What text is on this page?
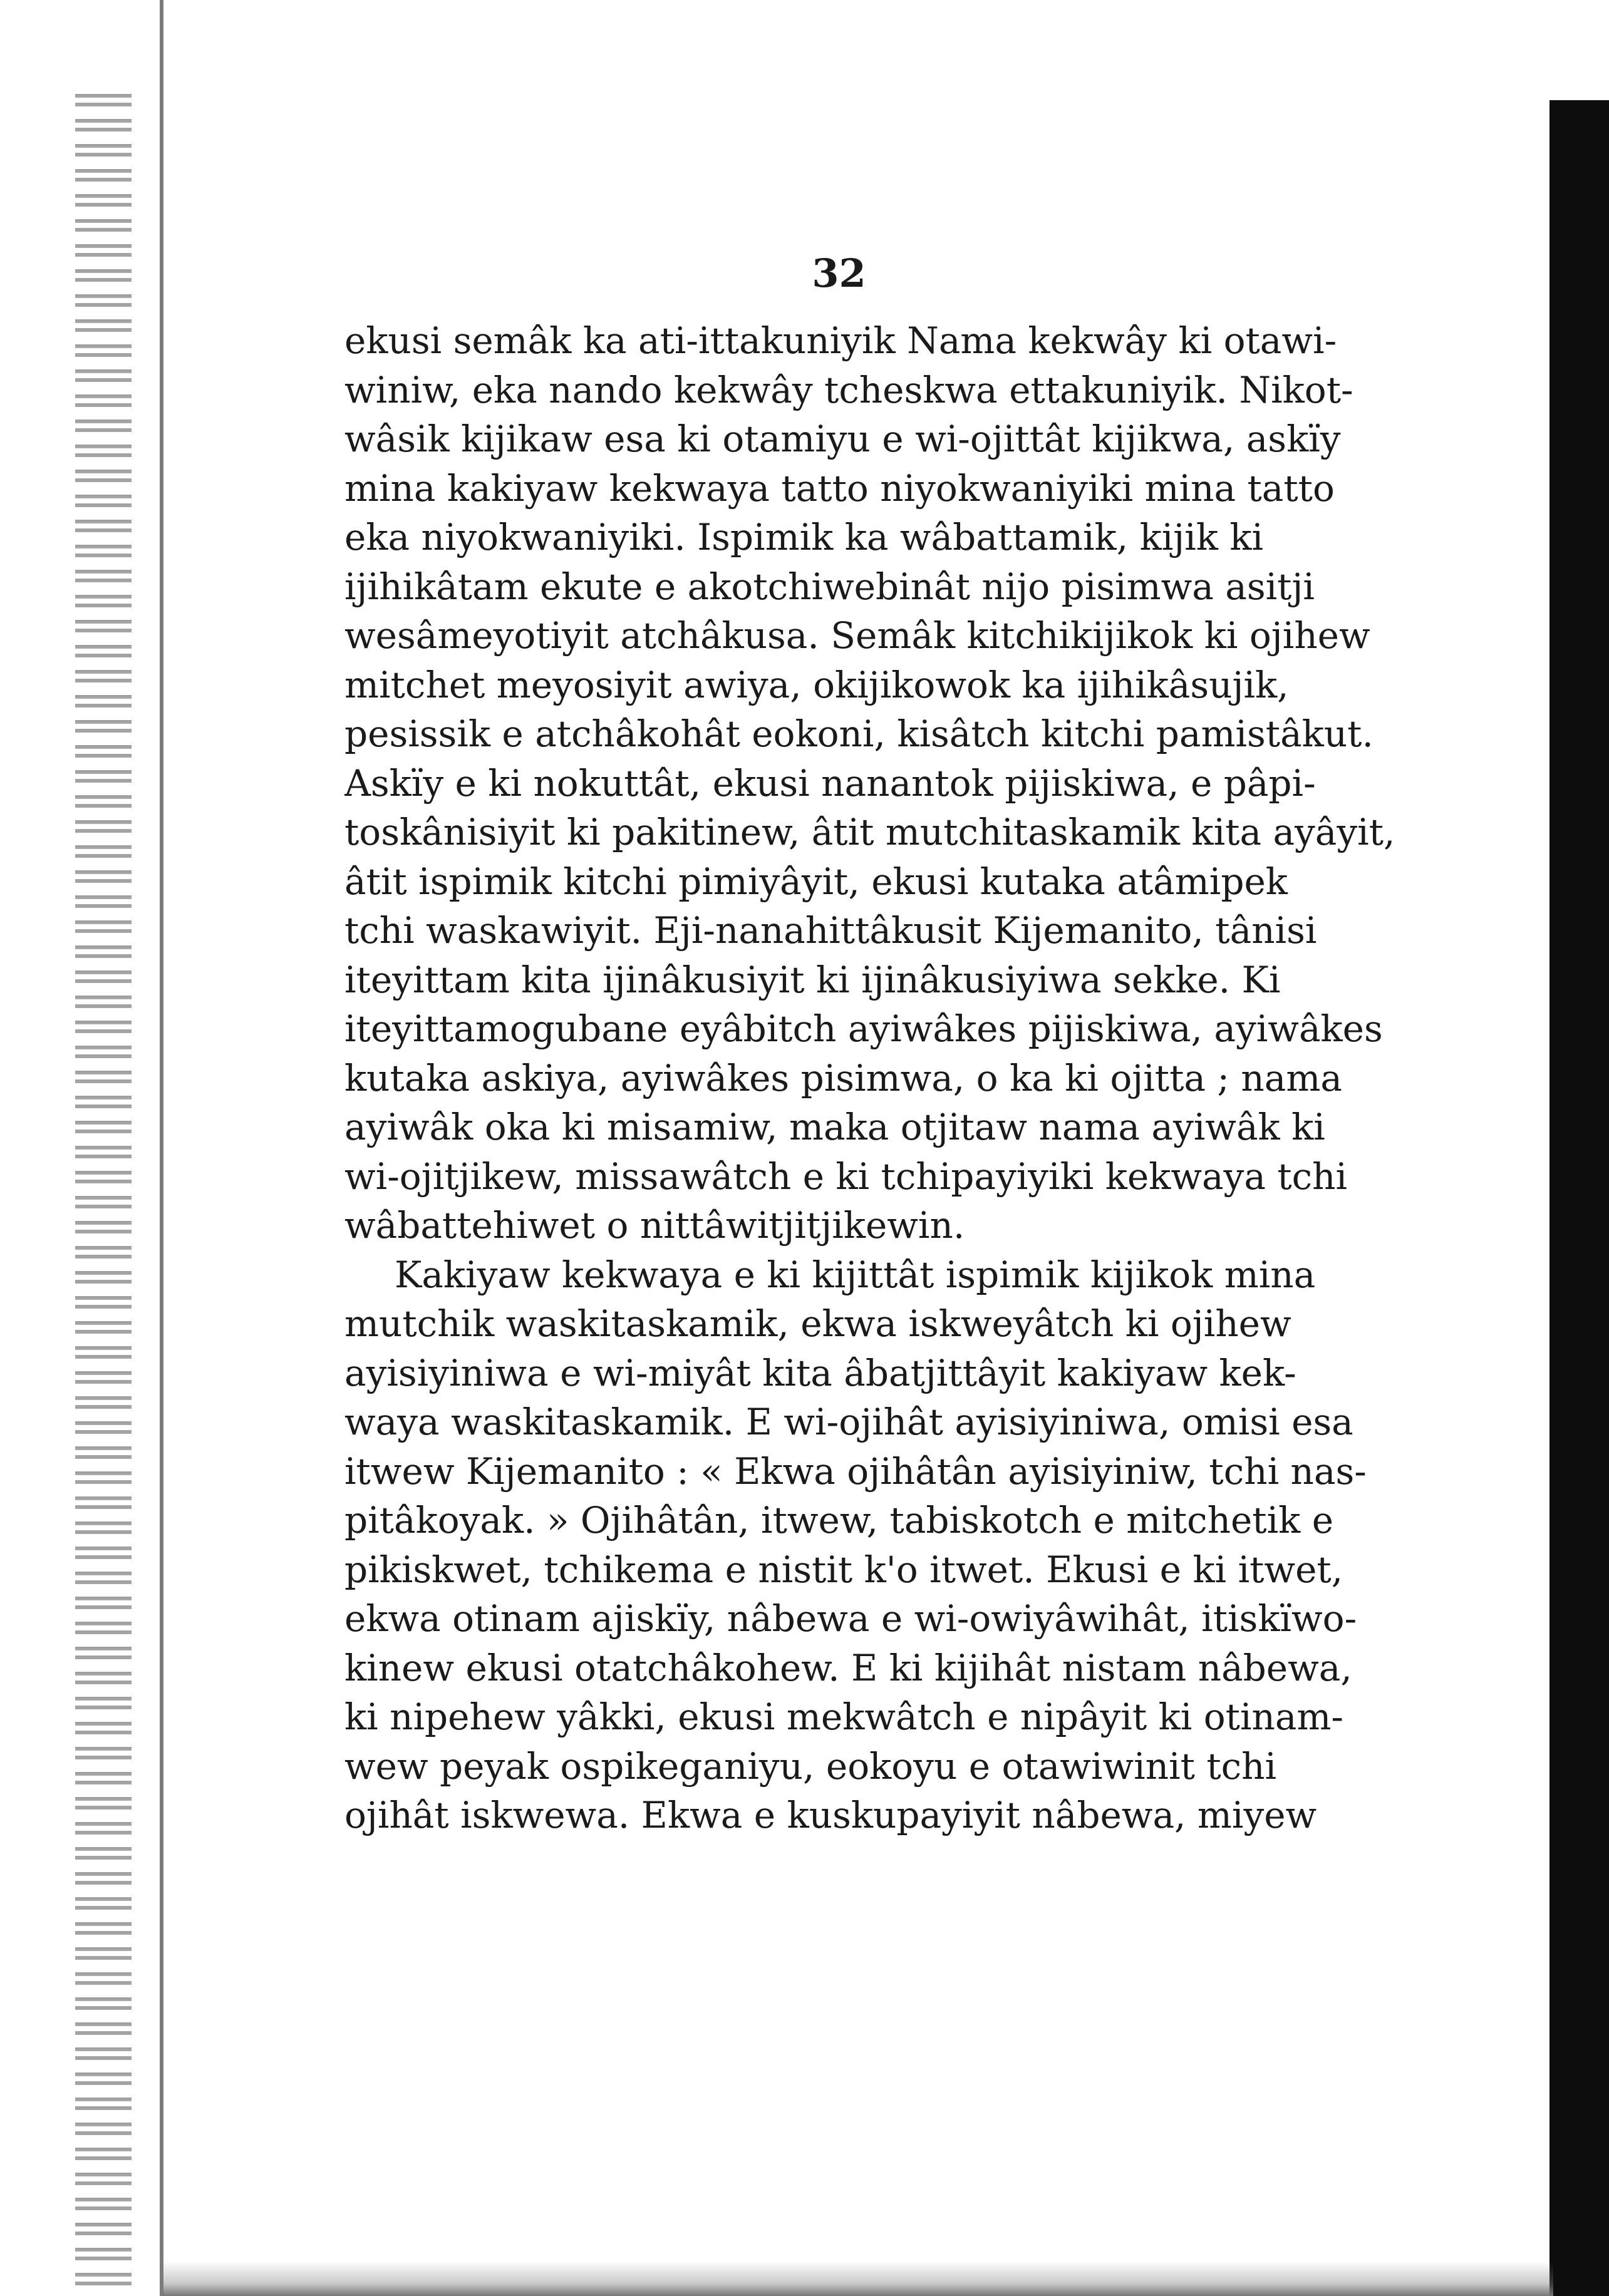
32
ekusi semâk ka ati-ittakuniyik Nama kekwây ki otawi-
winiw, eka nando kekwây tcheskwa ettakuniyik. Nikot-
wâsik kijikaw esa ki otamiyu e wi-ojittât kijikwa, askïy
mina kakiyaw kekwaya tatto niyokwaniyiki mina tatto
eka niyokwaniyiki. Ispimik ka wâbattamik, kijik ki
ijihikâtam ekute e akotchiwebinât nijo pisimwa asitji
wesâmeyotiyit atchâkusa. Semâk kitchikijikok ki ojihew
mitchet meyosiyit awiya, okijikowok ka ijihikâsujik,
pesissik e atchâkohât eokoni, kisâtch kitchi pamistâkut.
Askïy e ki nokuttât, ekusi nanantok pijiskiwa, e pâpi-
toskânisiyit ki pakitinew, âtit mutchitaskamik kita ayâyit,
âtit ispimik kitchi pimiyâyit, ekusi kutaka atâmipek
tchi waskawiyit. Eji-nanahittâkusit Kijemanito, tânisi
iteyittam kita ijinâkusiyit ki ijinâkusiyiwa sekke. Ki
iteyittamogubane eyâbitch ayiwâkes pijiskiwa, ayiwâkes
kutaka askiya, ayiwâkes pisimwa, o ka ki ojitta ; nama
ayiwâk oka ki misamiw, maka otjitaw nama ayiwâk ki
wi-ojitjikew, missawâtch e ki tchipayiyiki kekwaya tchi
wâbattehiwet o nittâwitjitjikewin.
Kakiyaw kekwaya e ki kijittât ispimik kijikok mina
mutchik waskitaskamik, ekwa iskweyâtch ki ojihew
ayisiyiniwa e wi-miyât kita âbatjittâyit kakiyaw kek-
waya waskitaskamik. E wi-ojihât ayisiyiniwa, omisi esa
itwew Kijemanito : « Ekwa ojihâtân ayisiyiniw, tchi nas-
pitâkoyak. » Ojihâtân, itwew, tabiskotch e mitchetik e
pikiskwet, tchikema e nistit k'o itwet. Ekusi e ki itwet,
ekwa otinam ajiskïy, nâbewa e wi-owiyâwihât, itiskïwo-
kinew ekusi otatchâkohew. E ki kijihât nistam nâbewa,
ki nipehew yâkki, ekusi mekwâtch e nipâyit ki otinam-
wew peyak ospikeganiyu, eokoyu e otawiwinit tchi
ojihât iskwewa. Ekwa e kuskupayiyit nâbewa, miyew
